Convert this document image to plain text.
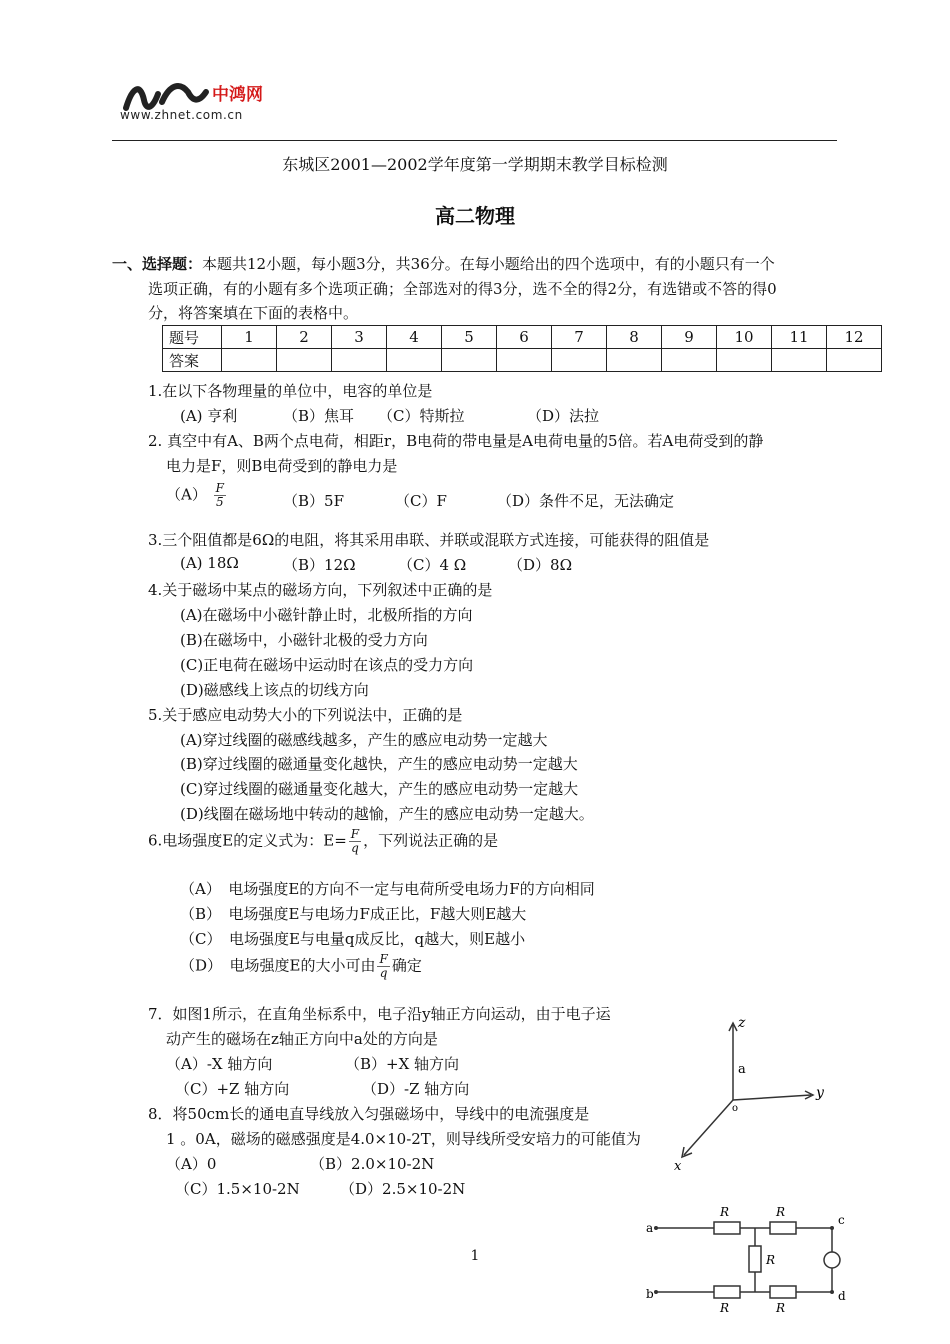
中鸿网
www.zhnet.com.cn
东城区2001—2002学年度第一学期期末教学目标检测
高二物理
一、选择题：本题共12小题，每小题3分，共36分。在每小题给出的四个选项中，有的小题只有一个
选项正确，有的小题有多个选项正确；全部选对的得3分，选不全的得2分，有选错或不答的得0
分，将答案填在下面的表格中。
题号	1	2	3	4	5	6	7	8	9	10	11	12
答案												
1.在以下各物理量的单位中，电容的单位是
(A) 亨利	（B）焦耳 （C）特斯拉	（D）法拉
2. 真空中有A、B两个点电荷，相距r，B电荷的带电量是A电荷电量的5倍。若A电荷受到的静
电力是F，则B电荷受到的静电力是
$(A) \frac{F}{5}$	（B）5F	（C）F	（D）条件不足，无法确定
3.三个阻值都是6Ω的电阻，将其采用串联、并联或混联方式连接，可能获得的阻值是
(A) 18Ω	（B）12Ω	（C）4 Ω	（D）8Ω
4.关于磁场中某点的磁场方向，下列叙述中正确的是
(A)在磁场中小磁针静止时，北极所指的方向
(B)在磁场中，小磁针北极的受力方向
(C)正电荷在磁场中运动时在该点的受力方向
(D)磁感线上该点的切线方向
5.关于感应电动势大小的下列说法中，正确的是
(A)穿过线圈的磁感线越多，产生的感应电动势一定越大
(B)穿过线圈的磁通量变化越快，产生的感应电动势一定越大
(C)穿过线圈的磁通量变化越大，产生的感应电动势一定越大
(D)线圈在磁场地中转动的越愉，产生的感应电动势一定越大。
6.电场强度E的定义式为：$E= \frac{F}{q}$ ，下列说法正确的是
（A）　电场强度E的方向不一定与电荷所受电场力F的方向相同
（B）　电场强度E与电场力F成正比，F越大则E越大
（C）　电场强度E与电量q成反比，q越大，则E越小
（D）　电场强度E的大小可由 $\frac{F}{q}$ 确定
7．如图1所示，在直角坐标系中，电子沿y轴正方向运动，由于电子运
动产生的磁场在z轴正方向中a处的方向是
（A）-X 轴方向	（B）+X 轴方向
（C）+Z 轴方向	（D）-Z 轴方向
8．将50cm长的通电直导线放入匀强磁场中，导线中的电流强度是
1 。0A，磁场的磁感强度是4.0×10-2T，则导线所受安培力的可能值为
（A）0	（B）2.0×10-2N
（C）1.5×10-2N	（D）2.5×10-2N
z
a
o
y
x
R	R
R
R	R
a
b
c
d
1
